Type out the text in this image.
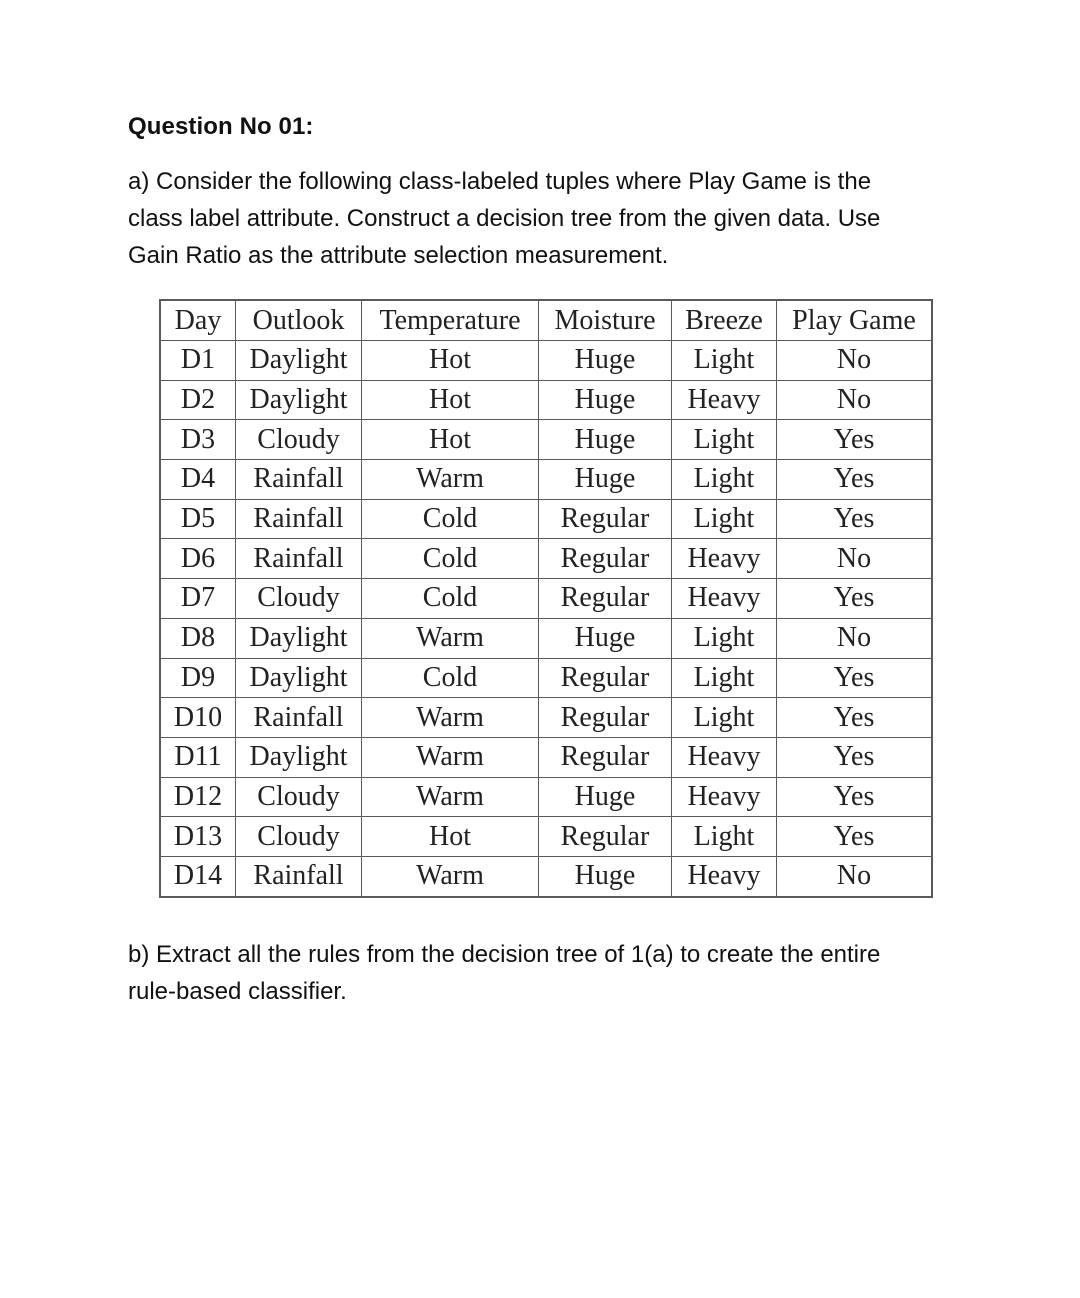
Question No 01:

a) Consider the following class-labeled tuples where Play Game is the
class label attribute. Construct a decision tree from the given data. Use
Gain Ratio as the attribute selection measurement.

Day	Outlook	Temperature	Moisture	Breeze	Play Game
D1	Daylight	Hot	Huge	Light	No
D2	Daylight	Hot	Huge	Heavy	No
D3	Cloudy	Hot	Huge	Light	Yes
D4	Rainfall	Warm	Huge	Light	Yes
D5	Rainfall	Cold	Regular	Light	Yes
D6	Rainfall	Cold	Regular	Heavy	No
D7	Cloudy	Cold	Regular	Heavy	Yes
D8	Daylight	Warm	Huge	Light	No
D9	Daylight	Cold	Regular	Light	Yes
D10	Rainfall	Warm	Regular	Light	Yes
D11	Daylight	Warm	Regular	Heavy	Yes
D12	Cloudy	Warm	Huge	Heavy	Yes
D13	Cloudy	Hot	Regular	Light	Yes
D14	Rainfall	Warm	Huge	Heavy	No

b) Extract all the rules from the decision tree of 1(a) to create the entire
rule-based classifier.
